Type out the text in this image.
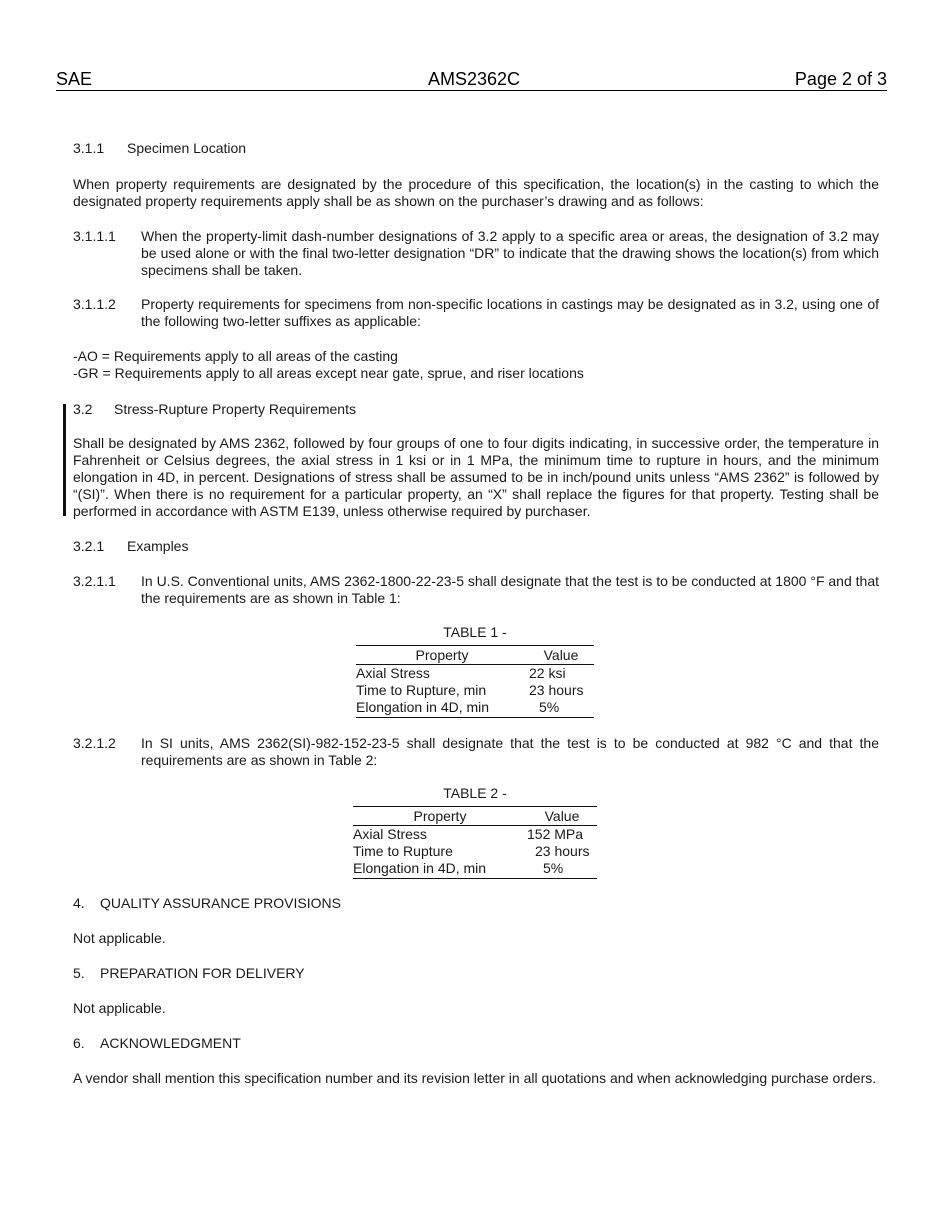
SAE	AMS2362C	Page 2 of 3
3.1.1 Specimen Location
When property requirements are designated by the procedure of this specification, the location(s) in the casting to which the designated property requirements apply shall be as shown on the purchaser’s drawing and as follows:
3.1.1.1 When the property-limit dash-number designations of 3.2 apply to a specific area or areas, the designation of 3.2 may be used alone or with the final two-letter designation “DR” to indicate that the drawing shows the location(s) from which specimens shall be taken.
3.1.1.2 Property requirements for specimens from non-specific locations in castings may be designated as in 3.2, using one of the following two-letter suffixes as applicable:
-AO = Requirements apply to all areas of the casting
-GR = Requirements apply to all areas except near gate, sprue, and riser locations
3.2 Stress-Rupture Property Requirements
Shall be designated by AMS 2362, followed by four groups of one to four digits indicating, in successive order, the temperature in Fahrenheit or Celsius degrees, the axial stress in 1 ksi or in 1 MPa, the minimum time to rupture in hours, and the minimum elongation in 4D, in percent. Designations of stress shall be assumed to be in inch/pound units unless “AMS 2362” is followed by “(SI)”. When there is no requirement for a particular property, an “X” shall replace the figures for that property. Testing shall be performed in accordance with ASTM E139, unless otherwise required by purchaser.
3.2.1 Examples
3.2.1.1 In U.S. Conventional units, AMS 2362-1800-22-23-5 shall designate that the test is to be conducted at 1800 °F and that the requirements are as shown in Table 1:
TABLE 1 -
Property	Value
Axial Stress	22 ksi
Time to Rupture, min	23 hours
Elongation in 4D, min	5%
3.2.1.2 In SI units, AMS 2362(SI)-982-152-23-5 shall designate that the test is to be conducted at 982 °C and that the requirements are as shown in Table 2:
TABLE 2 -
Property	Value
Axial Stress	152 MPa
Time to Rupture	23 hours
Elongation in 4D, min	5%
4. QUALITY ASSURANCE PROVISIONS
Not applicable.
5. PREPARATION FOR DELIVERY
Not applicable.
6. ACKNOWLEDGMENT
A vendor shall mention this specification number and its revision letter in all quotations and when acknowledging purchase orders.
